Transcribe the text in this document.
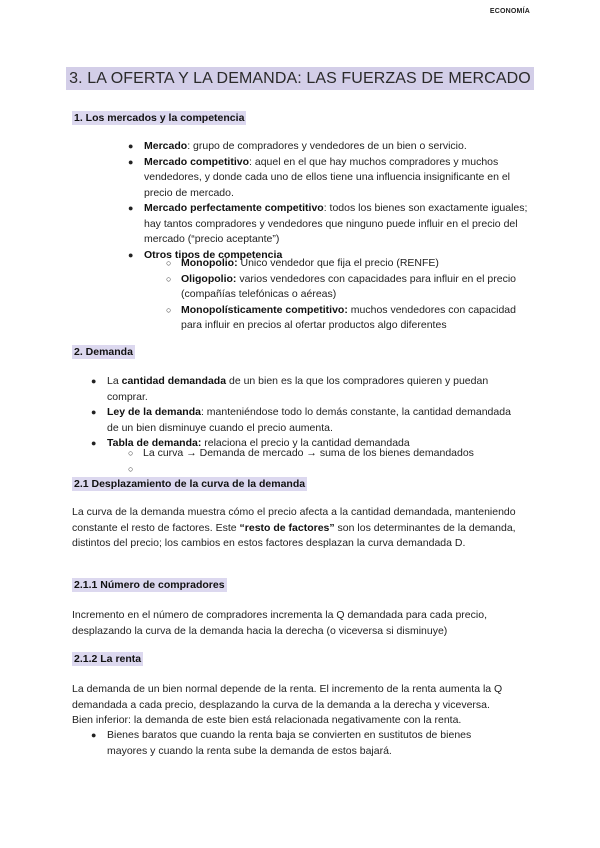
ECONOMÍA
3. LA OFERTA Y LA DEMANDA: LAS FUERZAS DE MERCADO
1. Los mercados y la competencia
● Mercado: grupo de compradores y vendedores de un bien o servicio.
● Mercado competitivo: aquel en el que hay muchos compradores y muchos vendedores, y donde cada uno de ellos tiene una influencia insignificante en el precio de mercado.
● Mercado perfectamente competitivo: todos los bienes son exactamente iguales; hay tantos compradores y vendedores que ninguno puede influir en el precio del mercado (“precio aceptante”)
● Otros tipos de competencia
○ Monopolio: Único vendedor que fija el precio (RENFE)
○ Oligopolio: varios vendedores con capacidades para influir en el precio (compañías telefónicas o aéreas)
○ Monopolísticamente competitivo: muchos vendedores con capacidad para influir en precios al ofertar productos algo diferentes
2. Demanda
● La cantidad demandada de un bien es la que los compradores quieren y puedan comprar.
● Ley de la demanda: manteniéndose todo lo demás constante, la cantidad demandada de un bien disminuye cuando el precio aumenta.
● Tabla de demanda: relaciona el precio y la cantidad demandada
○ La curva → Demanda de mercado → suma de los bienes demandados
○
2.1 Desplazamiento de la curva de la demanda
La curva de la demanda muestra cómo el precio afecta a la cantidad demandada, manteniendo constante el resto de factores. Este “resto de factores” son los determinantes de la demanda, distintos del precio; los cambios en estos factores desplazan la curva demandada D.
2.1.1 Número de compradores
Incremento en el número de compradores incrementa la Q demandada para cada precio, desplazando la curva de la demanda hacia la derecha (o viceversa si disminuye)
2.1.2 La renta
La demanda de un bien normal depende de la renta. El incremento de la renta aumenta la Q demandada a cada precio, desplazando la curva de la demanda a la derecha y viceversa.
Bien inferior: la demanda de este bien está relacionada negativamente con la renta.
● Bienes baratos que cuando la renta baja se convierten en sustitutos de bienes mayores y cuando la renta sube la demanda de estos bajará.
